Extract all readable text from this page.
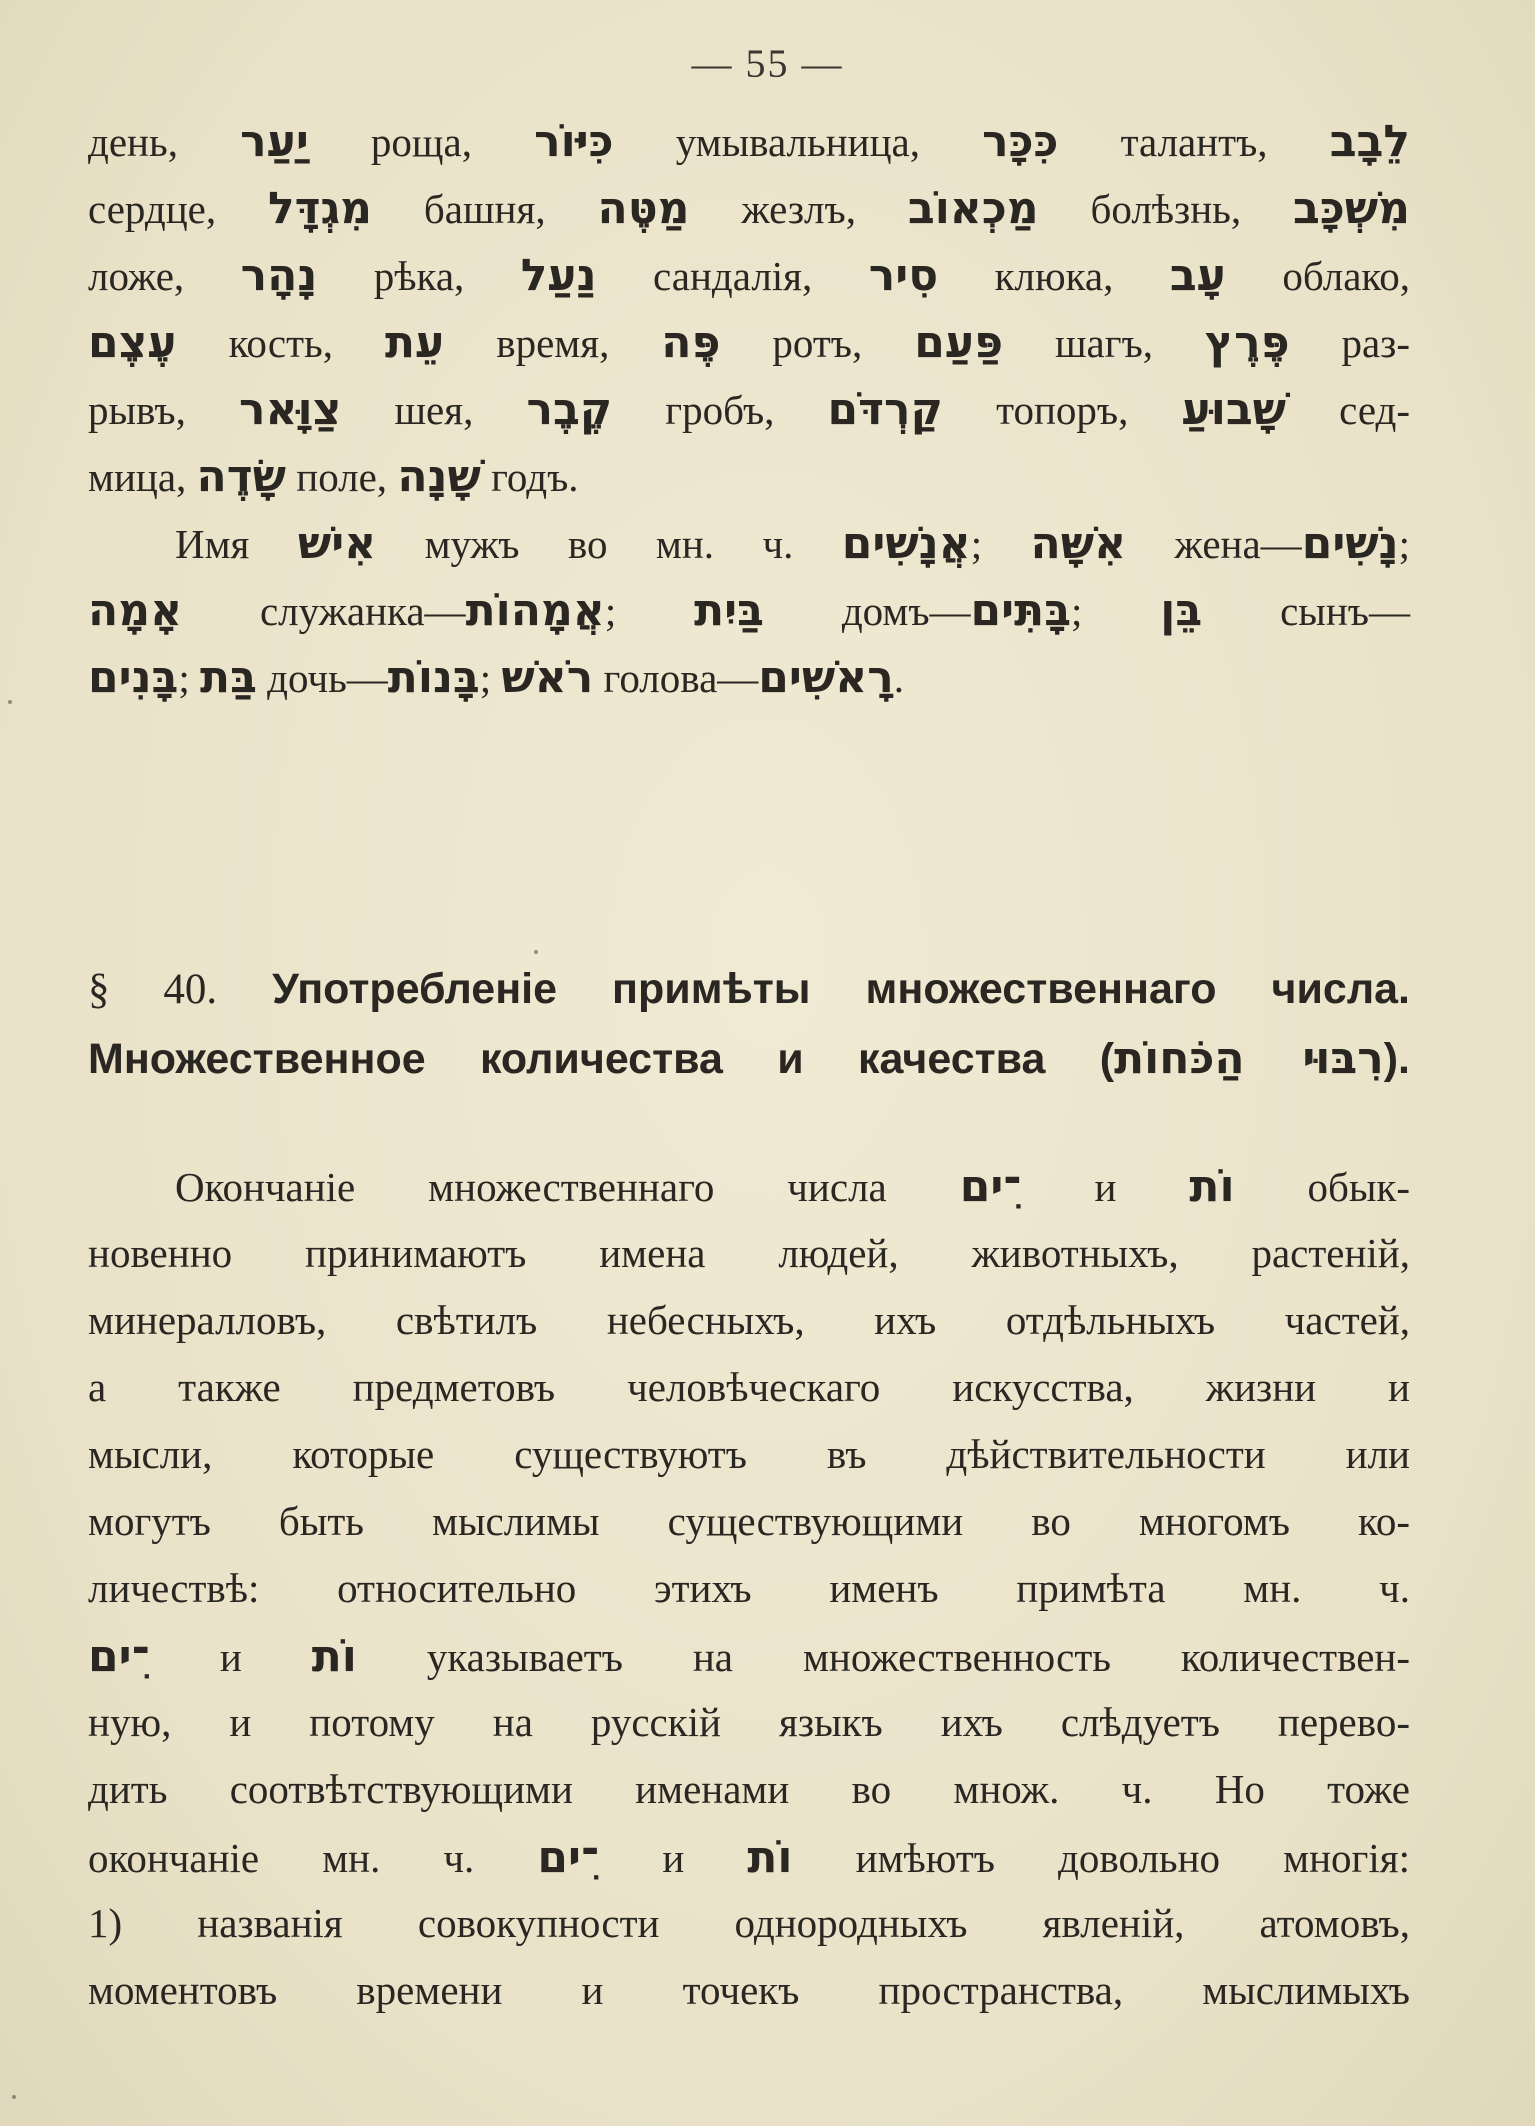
— 55 —
день, יַעַר роща, כִּיּוֹר умывальница, כִּכָּר талантъ, לֵבָב
сердце, מִגְדָּל башня, מַטֶּה жезлъ, מַכְאוֹב болѣзнь, מִשְׁכָּב
ложе, נָהָר рѣка, נַעַל сандалія, סִיר клюка, עָב облако,
עֶצֶם кость, עֵת время, פֶּה ротъ, פַּעַם шагъ, פֶּרֶץ раз-
рывъ, צַוָּאר шея, קֶבֶר гробъ, קַרְדֹּם топоръ, שָׁבוּעַ сед-
мица, שָׂדֶה поле, שָׁנָה годъ.
Имя אִישׁ мужъ во мн. ч. אֲנָשִׁים; אִשָּׁה жена—נָשִׁים;
אָמָה служанка—אֲמָהוֹת; בַּיִת домъ—בָּתִּים; בֵּן сынъ—
בָּנִים; בַּת дочь—בָּנוֹת; רֹאשׁ голова—רָאשִׁים.
§ 40. Употребленіе примѣты множественнаго числа.
Множественное количества и качества (רִבּוּי הַכֹּחוֹת).
Окончаніе множественнаго числа ־ִים и וֹת обык-
новенно принимаютъ имена людей, животныхъ, растеній,
минералловъ, свѣтилъ небесныхъ, ихъ отдѣльныхъ частей,
а также предметовъ человѣческаго искусства, жизни и
мысли, которые существуютъ въ дѣйствительности или
могутъ быть мыслимы существующими во многомъ ко-
личествѣ: относительно этихъ именъ примѣта мн. ч.
־ִים и וֹת указываетъ на множественность количествен-
ную, и потому на русскій языкъ ихъ слѣдуетъ перево-
дить соотвѣтствующими именами во множ. ч. Но тоже
окончаніе мн. ч. ־ִים и וֹת имѣютъ довольно многія:
1) названія совокупности однородныхъ явленій, атомовъ,
моментовъ времени и точекъ пространства, мыслимыхъ
